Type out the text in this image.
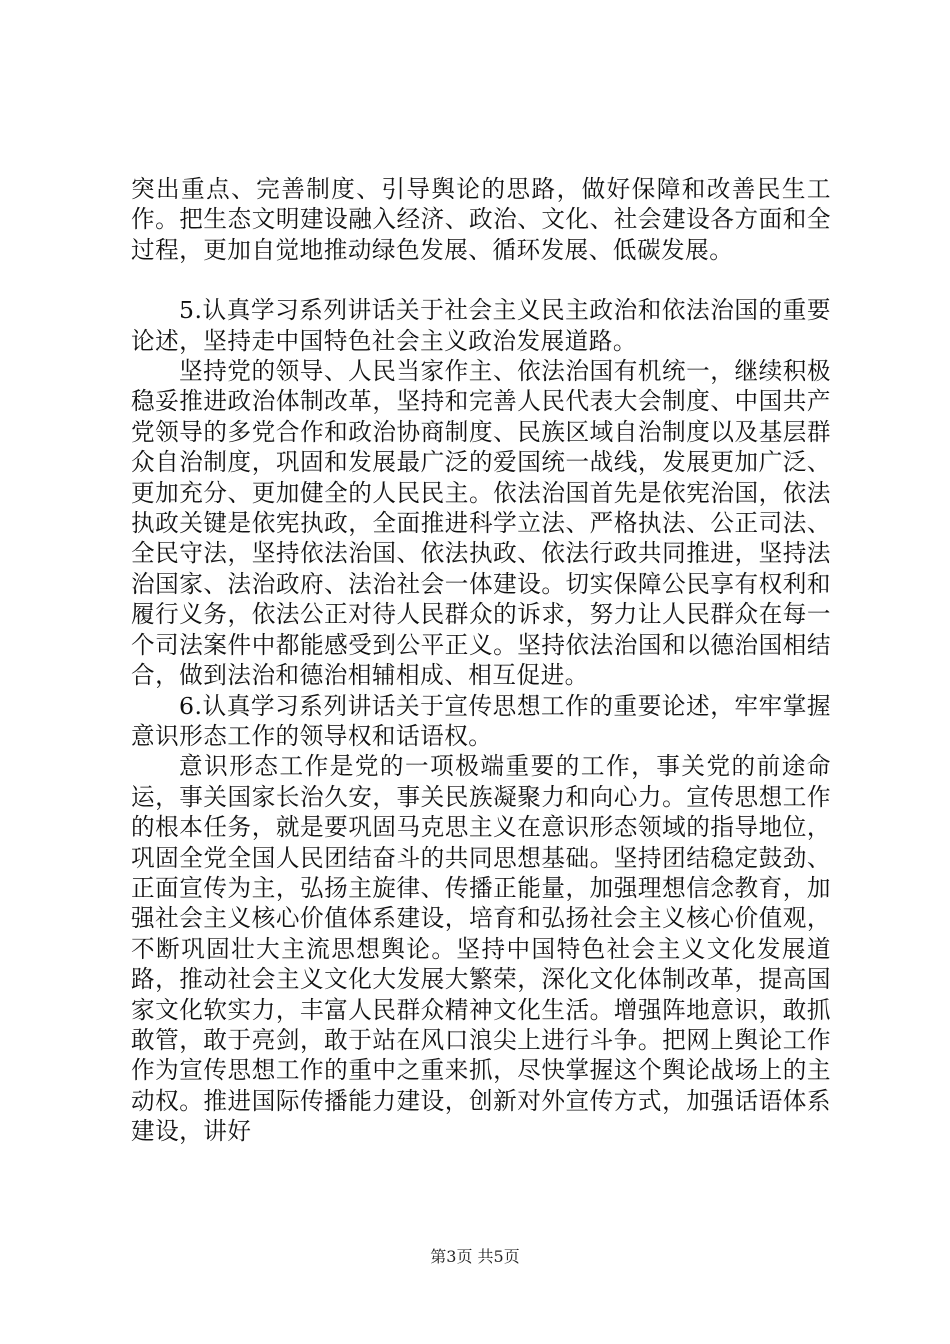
突出重点、完善制度、引导舆论的思路，做好保障和改善民生工作。把生态文明建设融入经济、政治、文化、社会建设各方面和全过程，更加自觉地推动绿色发展、循环发展、低碳发展。

5.认真学习系列讲话关于社会主义民主政治和依法治国的重要论述，坚持走中国特色社会主义政治发展道路。

坚持党的领导、人民当家作主、依法治国有机统一，继续积极稳妥推进政治体制改革，坚持和完善人民代表大会制度、中国共产党领导的多党合作和政治协商制度、民族区域自治制度以及基层群众自治制度，巩固和发展最广泛的爱国统一战线，发展更加广泛、更加充分、更加健全的人民民主。依法治国首先是依宪治国，依法执政关键是依宪执政，全面推进科学立法、严格执法、公正司法、全民守法，坚持依法治国、依法执政、依法行政共同推进，坚持法治国家、法治政府、法治社会一体建设。切实保障公民享有权利和履行义务，依法公正对待人民群众的诉求，努力让人民群众在每一个司法案件中都能感受到公平正义。坚持依法治国和以德治国相结合，做到法治和德治相辅相成、相互促进。

6.认真学习系列讲话关于宣传思想工作的重要论述，牢牢掌握意识形态工作的领导权和话语权。

意识形态工作是党的一项极端重要的工作，事关党的前途命运，事关国家长治久安，事关民族凝聚力和向心力。宣传思想工作的根本任务，就是要巩固马克思主义在意识形态领域的指导地位，巩固全党全国人民团结奋斗的共同思想基础。坚持团结稳定鼓劲、正面宣传为主，弘扬主旋律、传播正能量，加强理想信念教育，加强社会主义核心价值体系建设，培育和弘扬社会主义核心价值观，不断巩固壮大主流思想舆论。坚持中国特色社会主义文化发展道路，推动社会主义文化大发展大繁荣，深化文化体制改革，提高国家文化软实力，丰富人民群众精神文化生活。增强阵地意识，敢抓敢管，敢于亮剑，敢于站在风口浪尖上进行斗争。把网上舆论工作作为宣传思想工作的重中之重来抓，尽快掌握这个舆论战场上的主动权。推进国际传播能力建设，创新对外宣传方式，加强话语体系建设，讲好

第3页 共5页
